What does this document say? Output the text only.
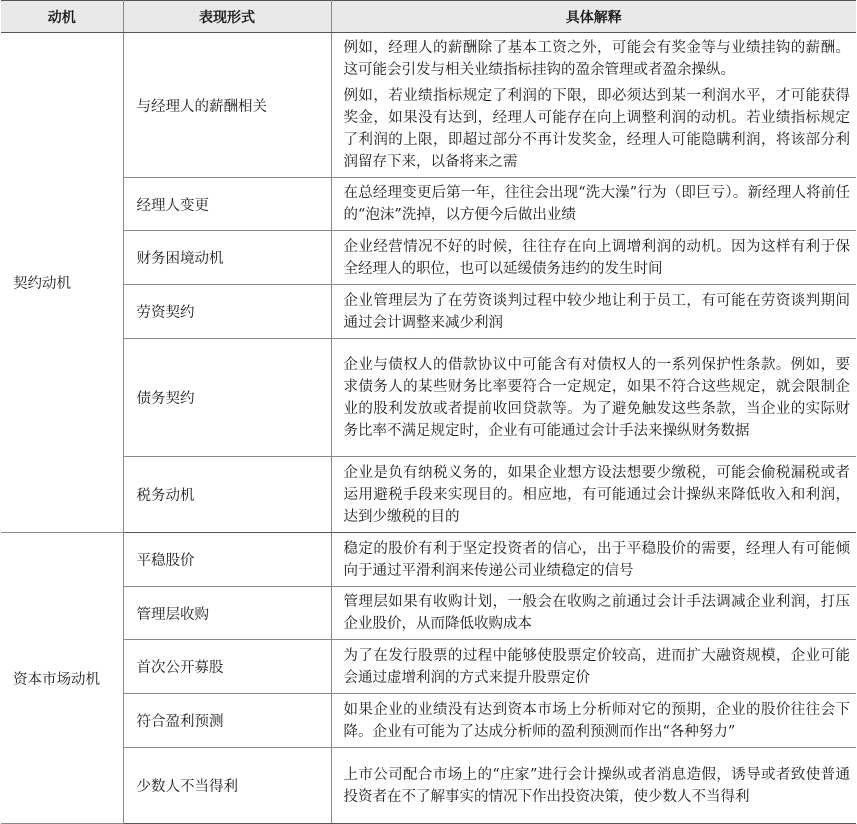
动机	表现形式	具体解释
契约动机	与经理人的薪酬相关	例如，经理人的薪酬除了基本工资之外，可能会有奖金等与业绩挂钩的薪酬。这可能会引发与相关业绩指标挂钩的盈余管理或者盈余操纵。

例如，若业绩指标规定了利润的下限，即必须达到某一利润水平，才可能获得奖金，如果没有达到，经理人可能存在向上调整利润的动机。若业绩指标规定了利润的上限，即超过部分不再计发奖金，经理人可能隐瞒利润，将该部分利润留存下来，以备将来之需

	经理人变更	在总经理变更后第一年，往往会出现“洗大澡”行为（即巨亏）。新经理人将前任的“泡沫”洗掉，以方便今后做出业绩

	财务困境动机	企业经营情况不好的时候，往往存在向上调增利润的动机。因为这样有利于保全经理人的职位，也可以延缓债务违约的发生时间

	劳资契约	企业管理层为了在劳资谈判过程中较少地让利于员工，有可能在劳资谈判期间通过会计调整来减少利润

	债务契约	企业与债权人的借款协议中可能含有对债权人的一系列保护性条款。例如，要求债务人的某些财务比率要符合一定规定，如果不符合这些规定，就会限制企业的股利发放或者提前收回贷款等。为了避免触发这些条款，当企业的实际财务比率不满足规定时，企业有可能通过会计手法来操纵财务数据

	税务动机	企业是负有纳税义务的，如果企业想方设法想要少缴税，可能会偷税漏税或者运用避税手段来实现目的。相应地，有可能通过会计操纵来降低收入和利润，达到少缴税的目的

资本市场动机	平稳股价	稳定的股价有利于坚定投资者的信心，出于平稳股价的需要，经理人有可能倾向于通过平滑利润来传递公司业绩稳定的信号

	管理层收购	管理层如果有收购计划，一般会在收购之前通过会计手法调减企业利润，打压企业股价，从而降低收购成本

	首次公开募股	为了在发行股票的过程中能够使股票定价较高，进而扩大融资规模，企业可能会通过虚增利润的方式来提升股票定价

	符合盈利预测	如果企业的业绩没有达到资本市场上分析师对它的预期，企业的股价往往会下降。企业有可能为了达成分析师的盈利预测而作出“各种努力”

	少数人不当得利	上市公司配合市场上的“庄家”进行会计操纵或者消息造假，诱导或者致使普通投资者在不了解事实的情况下作出投资决策，使少数人不当得利
